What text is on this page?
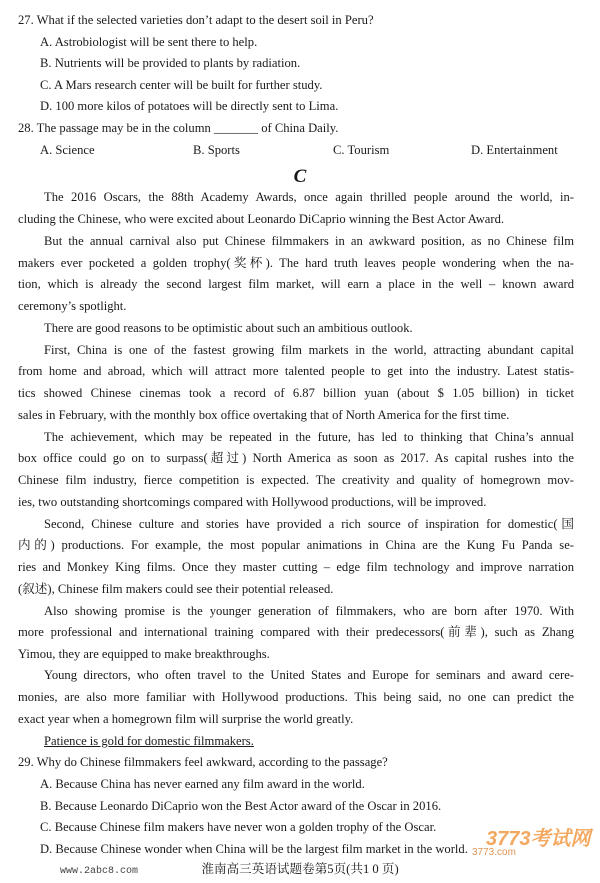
27. What if the selected varieties don’t adapt to the desert soil in Peru?
A. Astrobiologist will be sent there to help.
B. Nutrients will be provided to plants by radiation.
C. A Mars research center will be built for further study.
D. 100 more kilos of potatoes will be directly sent to Lima.
28. The passage may be in the column _______ of China Daily.
A. Science	B. Sports	C. Tourism	D. Entertainment
C
The 2016 Oscars, the 88th Academy Awards, once again thrilled people around the world, in-
cluding the Chinese, who were excited about Leonardo DiCaprio winning the Best Actor Award.
But the annual carnival also put Chinese filmmakers in an awkward position, as no Chinese film
makers ever pocketed a golden trophy(奖杯). The hard truth leaves people wondering when the na-
tion, which is already the second largest film market, will earn a place in the well – known award
ceremony’s spotlight.
There are good reasons to be optimistic about such an ambitious outlook.
First, China is one of the fastest growing film markets in the world, attracting abundant capital
from home and abroad, which will attract more talented people to get into the industry. Latest statis-
tics showed Chinese cinemas took a record of 6.87 billion yuan (about $ 1.05 billion) in ticket
sales in February, with the monthly box office overtaking that of North America for the first time.
The achievement, which may be repeated in the future, has led to thinking that China’s annual
box office could go on to surpass(超过) North America as soon as 2017. As capital rushes into the
Chinese film industry, fierce competition is expected. The creativity and quality of homegrown mov-
ies, two outstanding shortcomings compared with Hollywood productions, will be improved.
Second, Chinese culture and stories have provided a rich source of inspiration for domestic(国
内的) productions. For example, the most popular animations in China are the Kung Fu Panda se-
ries and Monkey King films. Once they master cutting – edge film technology and improve narration
(叙述), Chinese film makers could see their potential released.
Also showing promise is the younger generation of filmmakers, who are born after 1970. With
more professional and international training compared with their predecessors(前辈), such as Zhang
Yimou, they are equipped to make breakthroughs.
Young directors, who often travel to the United States and Europe for seminars and award cere-
monies, are also more familiar with Hollywood productions. This being said, no one can predict the
exact year when a homegrown film will surprise the world greatly.
Patience is gold for domestic filmmakers.
29. Why do Chinese filmmakers feel awkward, according to the passage?
A. Because China has never earned any film award in the world.
B. Because Leonardo DiCaprio won the Best Actor award of the Oscar in 2016.
C. Because Chinese film makers have never won a golden trophy of the Oscar.
D. Because Chinese wonder when China will be the largest film market in the world. 3773考试网
3773.com
www.2abc8.com	淮南高三英语试题卷第5页(共1 0 页)
